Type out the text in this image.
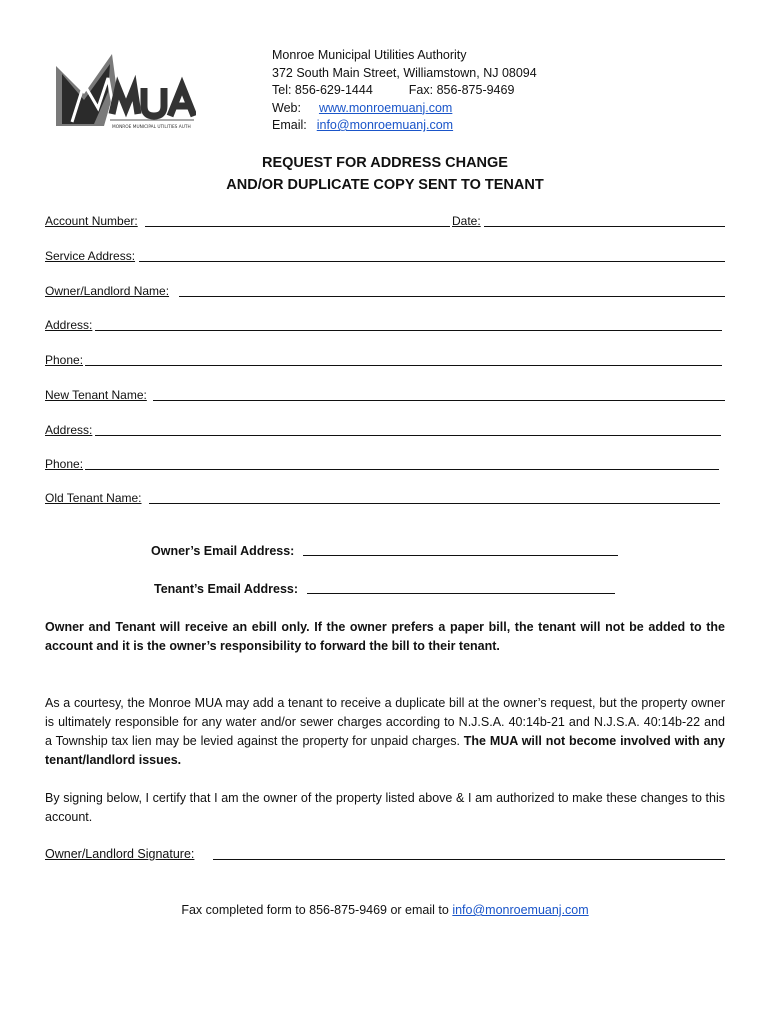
MONROE MUNICIPAL UTILITIES AUTH
Monroe Municipal Utilities Authority
372 South Main Street, Williamstown, NJ 08094
Tel: 856-629-1444	Fax: 856-875-9469
Web: www.monroemuanj.com
Email: info@monroemuanj.com
REQUEST FOR ADDRESS CHANGE
AND/OR DUPLICATE COPY SENT TO TENANT
Account Number:	Date:
Service Address:
Owner/Landlord Name:
Address:
Phone:
New Tenant Name:
Address:
Phone:
Old Tenant Name:
Owner’s Email Address:
Tenant’s Email Address:
Owner and Tenant will receive an ebill only. If the owner prefers a paper bill, the tenant will not be added to the account and it is the owner’s responsibility to forward the bill to their tenant.
As a courtesy, the Monroe MUA may add a tenant to receive a duplicate bill at the owner’s request, but the property owner is ultimately responsible for any water and/or sewer charges according to N.J.S.A. 40:14b-21 and N.J.S.A. 40:14b-22 and a Township tax lien may be levied against the property for unpaid charges. The MUA will not become involved with any tenant/landlord issues.
By signing below, I certify that I am the owner of the property listed above & I am authorized to make these changes to this account.
Owner/Landlord Signature:
Fax completed form to 856-875-9469 or email to info@monroemuanj.com
